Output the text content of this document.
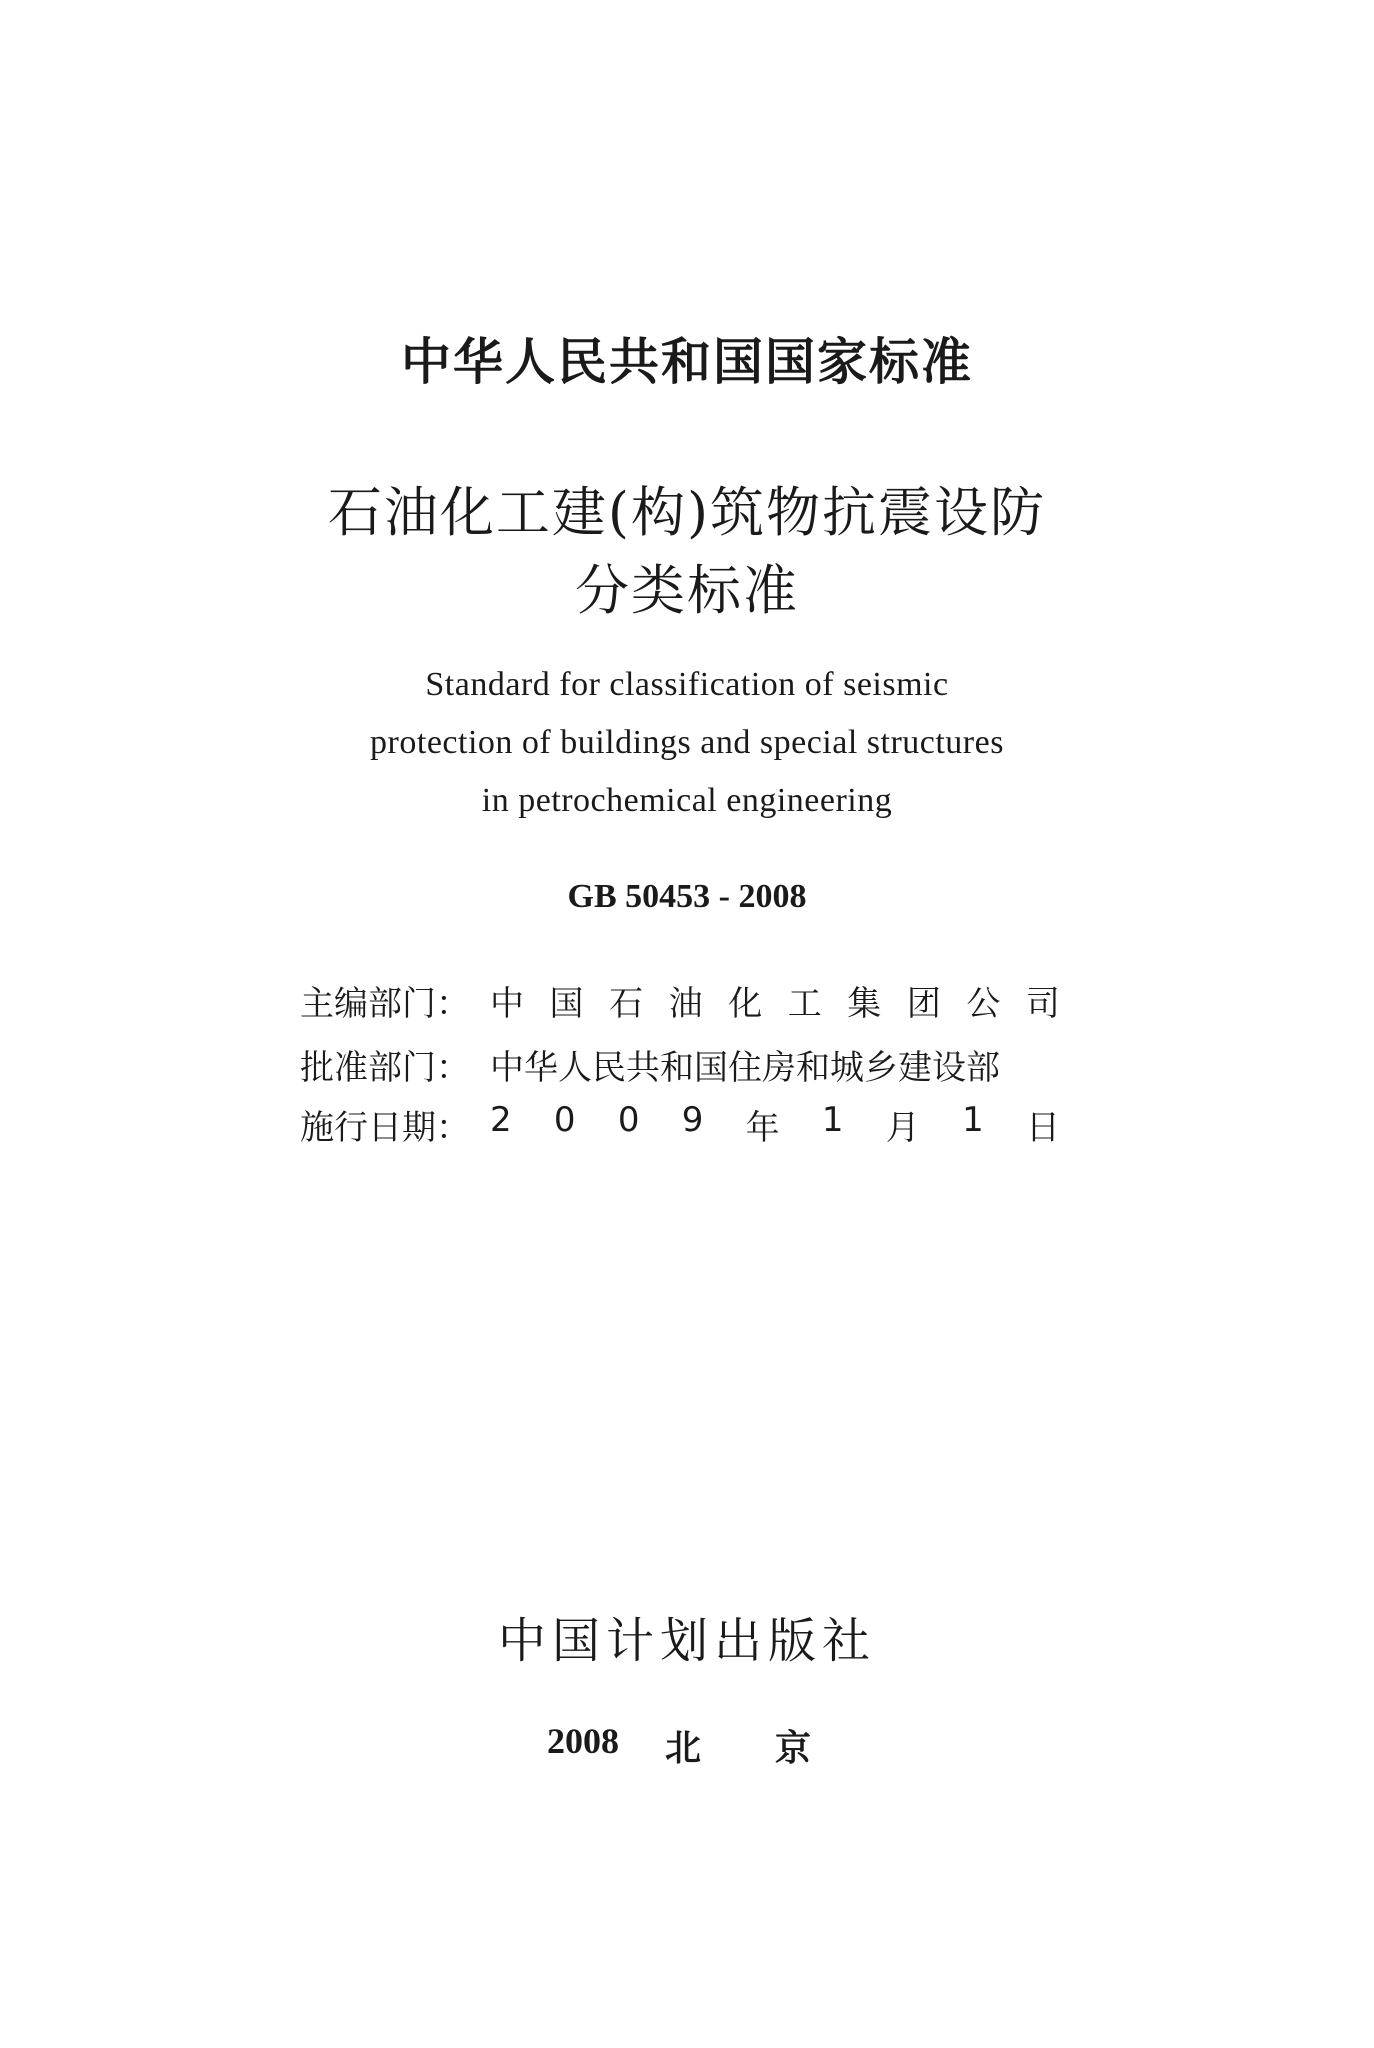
中华人民共和国国家标准
石油化工建(构)筑物抗震设防
分类标准
Standard for classification of seismic
protection of buildings and special structures
in petrochemical engineering
GB 50453 - 2008
主编部门： 中 国 石 油 化 工 集 团 公 司
批准部门： 中华人民共和国住房和城乡建设部
施行日期： 2 0 0 9 年 1 月 1 日
中国计划出版社
2008 北 京
